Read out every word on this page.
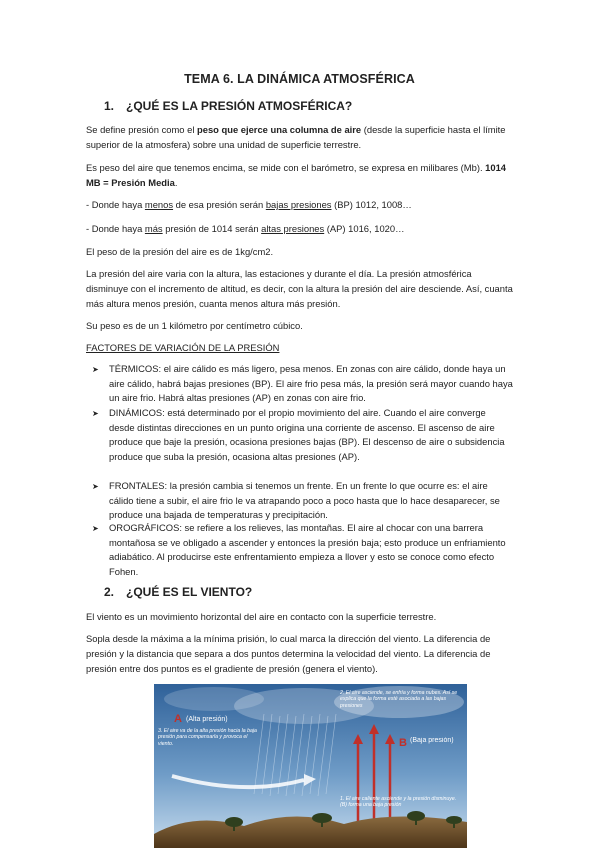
TEMA 6. LA DINÁMICA ATMOSFÉRICA
1. ¿QUÉ ES LA PRESIÓN ATMOSFÉRICA?
Se define presión como el peso que ejerce una columna de aire (desde la superficie hasta el límite superior de la atmosfera) sobre una unidad de superficie terrestre.
Es peso del aire que tenemos encima, se mide con el barómetro, se expresa en milibares (Mb). 1014 MB = Presión Media.
- Donde haya menos de esa presión serán bajas presiones (BP) 1012, 1008…
- Donde haya más presión de 1014 serán altas presiones (AP) 1016, 1020…
El peso de la presión del aire es de 1kg/cm2.
La presión del aire varia con la altura, las estaciones y durante el día. La presión atmosférica disminuye con el incremento de altitud, es decir, con la altura la presión del aire desciende. Así, cuanta más altura menos presión, cuanta menos altura más presión.
Su peso es de un 1 kilómetro por centímetro cúbico.
FACTORES DE VARIACIÓN DE LA PRESIÓN
➤ TÉRMICOS: el aire cálido es más ligero, pesa menos. En zonas con aire cálido, donde haya un aire cálido, habrá bajas presiones (BP). El aire frio pesa más, la presión será mayor cuando haya un aire frio. Habrá altas presiones (AP) en zonas con aire frio.
➤ DINÁMICOS: está determinado por el propio movimiento del aire. Cuando el aire converge desde distintas direcciones en un punto origina una corriente de ascenso. El ascenso de aire produce que baje la presión, ocasiona presiones bajas (BP). El descenso de aire o subsidencia produce que suba la presión, ocasiona altas presiones (AP).
➤ FRONTALES: la presión cambia si tenemos un frente. En un frente lo que ocurre es: el aire cálido tiene a subir, el aire frio le va atrapando poco a poco hasta que lo hace desaparecer, se produce una bajada de temperaturas y precipitación.
➤ OROGRÁFICOS: se refiere a los relieves, las montañas. El aire al chocar con una barrera montañosa se ve obligado a ascender y entonces la presión baja; esto produce un enfriamiento adiabático. Al producirse este enfrentamiento empieza a llover y esto se conoce como efecto Fohen.
2. ¿QUÉ ES EL VIENTO?
El viento es un movimiento horizontal del aire en contacto con la superficie terrestre.
Sopla desde la máxima a la mínima prisión, lo cual marca la dirección del viento. La diferencia de presión y la distancia que separa a dos puntos determina la velocidad del viento. La diferencia de presión entre dos puntos es el gradiente de presión (genera el viento).
A (Alta presión)
3. El aire va de la alta presión hacia la baja presión para compensarla y provoca el viento.
2. El aire asciende, se enfría y forma nubes. Así se explica que la forma esté asociada a las bajas presiones
B (Baja presión)
1. El aire caliente asciende y la presión disminuye. (B) forma una baja presión
